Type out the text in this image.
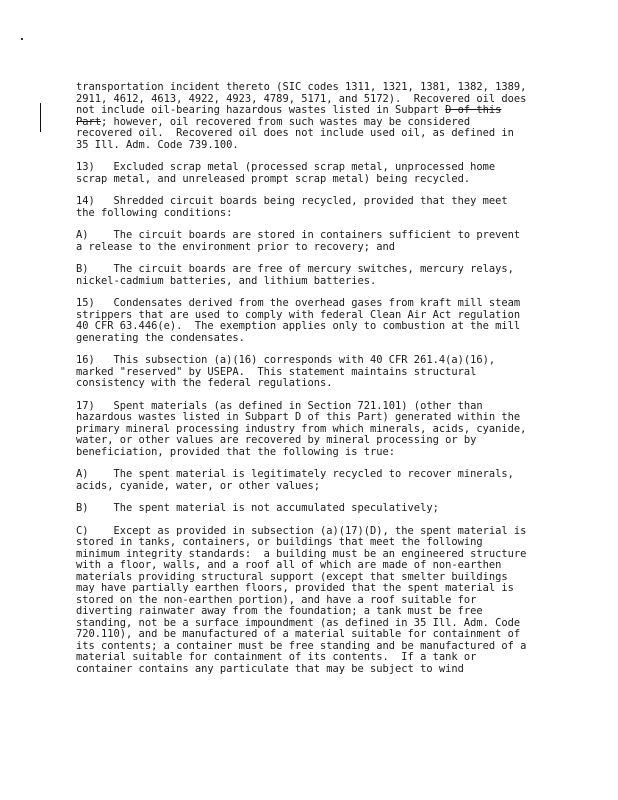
transportation incident thereto (SIC codes 1311, 1321, 1381, 1382, 1389,
2911, 4612, 4613, 4922, 4923, 4789, 5171, and 5172).  Recovered oil does
not include oil-bearing hazardous wastes listed in Subpart D of this
Part; however, oil recovered from such wastes may be considered
recovered oil.  Recovered oil does not include used oil, as defined in
35 Ill. Adm. Code 739.100.
13)   Excluded scrap metal (processed scrap metal, unprocessed home
scrap metal, and unreleased prompt scrap metal) being recycled.
14)   Shredded circuit boards being recycled, provided that they meet
the following conditions:
A)    The circuit boards are stored in containers sufficient to prevent
a release to the environment prior to recovery; and
B)    The circuit boards are free of mercury switches, mercury relays,
nickel-cadmium batteries, and lithium batteries.
15)   Condensates derived from the overhead gases from kraft mill steam
strippers that are used to comply with federal Clean Air Act regulation
40 CFR 63.446(e).  The exemption applies only to combustion at the mill
generating the condensates.
16)   This subsection (a)(16) corresponds with 40 CFR 261.4(a)(16),
marked "reserved" by USEPA.  This statement maintains structural
consistency with the federal regulations.
17)   Spent materials (as defined in Section 721.101) (other than
hazardous wastes listed in Subpart D of this Part) generated within the
primary mineral processing industry from which minerals, acids, cyanide,
water, or other values are recovered by mineral processing or by
beneficiation, provided that the following is true:
A)    The spent material is legitimately recycled to recover minerals,
acids, cyanide, water, or other values;
B)    The spent material is not accumulated speculatively;
C)    Except as provided in subsection (a)(17)(D), the spent material is
stored in tanks, containers, or buildings that meet the following
minimum integrity standards:  a building must be an engineered structure
with a floor, walls, and a roof all of which are made of non-earthen
materials providing structural support (except that smelter buildings
may have partially earthen floors, provided that the spent material is
stored on the non-earthen portion), and have a roof suitable for
diverting rainwater away from the foundation; a tank must be free
standing, not be a surface impoundment (as defined in 35 Ill. Adm. Code
720.110), and be manufactured of a material suitable for containment of
its contents; a container must be free standing and be manufactured of a
material suitable for containment of its contents.  If a tank or
container contains any particulate that may be subject to wind
